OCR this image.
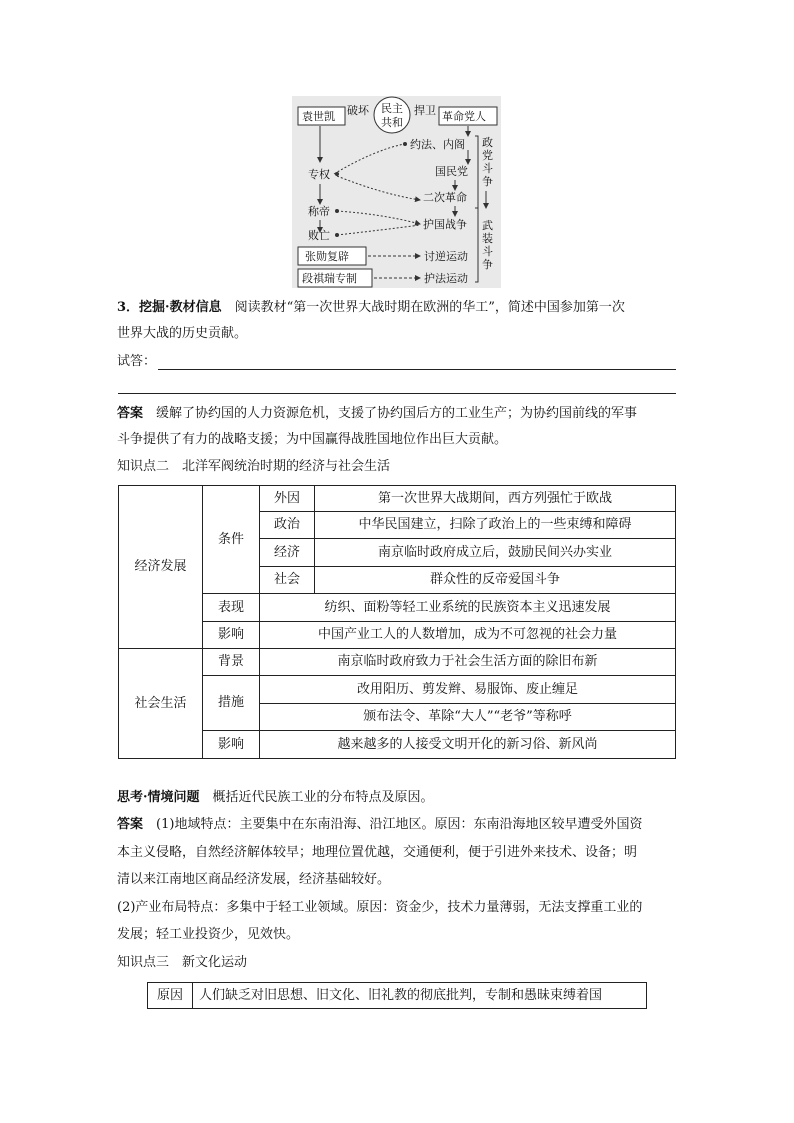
袁世凯 破坏 民主
共和
捍卫 革命党人
专权
称帝
败亡
约法、内阁
国民党
二次革命
护国战争
张勋复辟	讨逆运动
段祺瑞专制	护法运动
政
党
斗
争
武
装
斗
争
3．挖掘·教材信息　 阅读教材“第一次世界大战时期在欧洲的华工”，简述中国参加第一次
世界大战的历史贡献。
试答：
答案　 缓解了协约国的人力资源危机，支援了协约国后方的工业生产；为协约国前线的军事
斗争提供了有力的战略支援；为中国赢得战胜国地位作出巨大贡献。
知识点二　北洋军阀统治时期的经济与社会生活
经济发展	条件	外因	第一次世界大战期间，西方列强忙于欧战
		政治	中华民国建立，扫除了政治上的一些束缚和障碍
		经济	南京临时政府成立后，鼓励民间兴办实业
		社会	群众性的反帝爱国斗争
	表现	纺织、面粉等轻工业系统的民族资本主义迅速发展	
	影响	中国产业工人的人数增加，成为不可忽视的社会力量	
社会生活	背景	南京临时政府致力于社会生活方面的除旧布新	
	措施	改用阳历、剪发辫、易服饰、废止缠足	
		颁布法令、革除“大人”“老爷”等称呼	
	影响	越来越多的人接受文明开化的新习俗、新风尚	
思考·情境问题　 概括近代民族工业的分布特点及原因。
答案　 (1)地域特点：主要集中在东南沿海、沿江地区。原因：东南沿海地区较早遭受外国资
本主义侵略，自然经济解体较早；地理位置优越，交通便利，便于引进外来技术、设备；明
清以来江南地区商品经济发展，经济基础较好。
(2)产业布局特点：多集中于轻工业领域。原因：资金少，技术力量薄弱，无法支撑重工业的
发展；轻工业投资少，见效快。
知识点三　新文化运动
原因	人们缺乏对旧思想、旧文化、旧礼教的彻底批判，专制和愚昧束缚着国
